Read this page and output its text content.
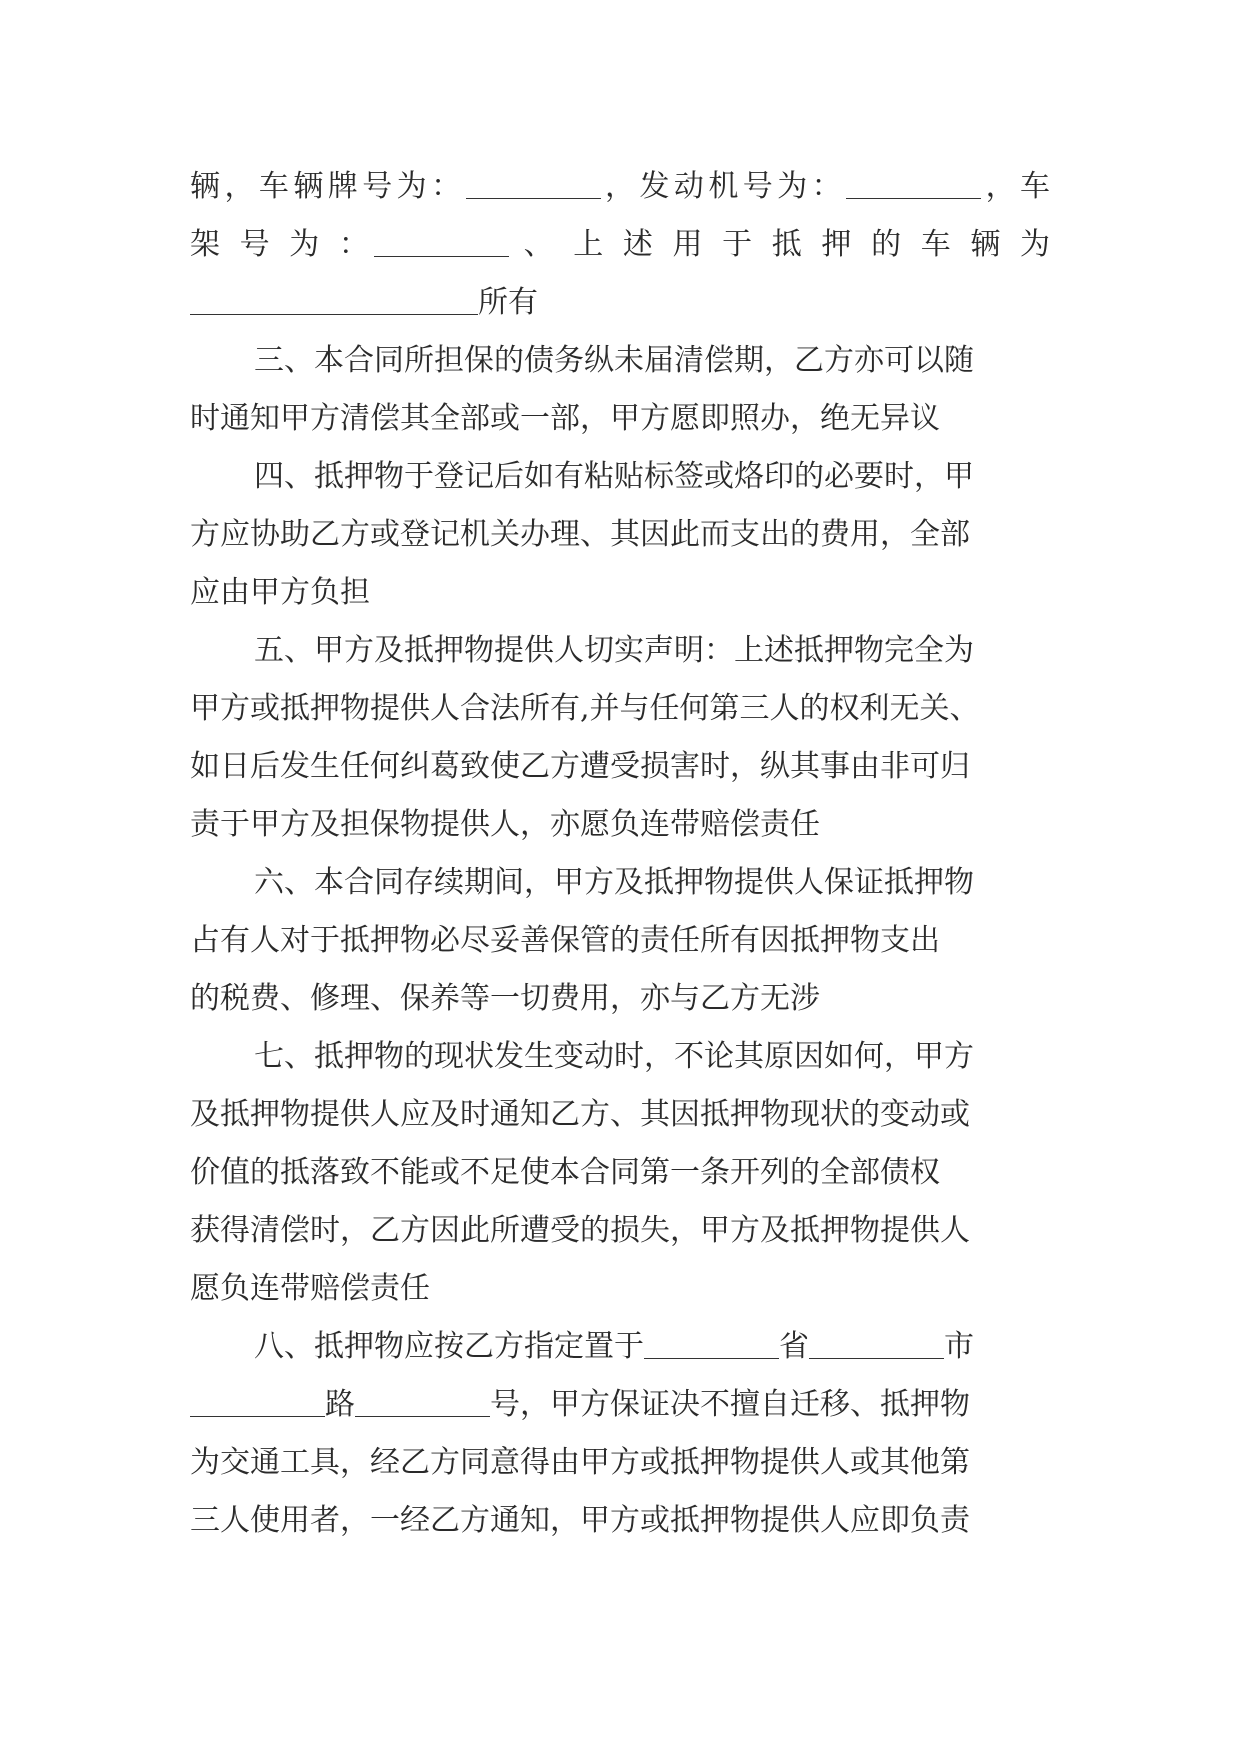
辆，车辆牌号为：	，发动机号为：	，车
架 号 为 ：	、 上 述 用 于 抵 押 的 车 辆 为
所有
三、本合同所担保的债务纵未届清偿期，乙方亦可以随
时通知甲方清偿其全部或一部，甲方愿即照办，绝无异议
四、抵押物于登记后如有粘贴标签或烙印的必要时，甲
方应协助乙方或登记机关办理、其因此而支出的费用，全部
应由甲方负担
五、甲方及抵押物提供人切实声明：上述抵押物完全为
甲方或抵押物提供人合法所有,并与任何第三人的权利无关、
如日后发生任何纠葛致使乙方遭受损害时，纵其事由非可归
责于甲方及担保物提供人，亦愿负连带赔偿责任
六、本合同存续期间，甲方及抵押物提供人保证抵押物
占有人对于抵押物必尽妥善保管的责任所有因抵押物支出
的税费、修理、保养等一切费用，亦与乙方无涉
七、抵押物的现状发生变动时，不论其原因如何，甲方
及抵押物提供人应及时通知乙方、其因抵押物现状的变动或
价值的抵落致不能或不足使本合同第一条开列的全部债权
获得清偿时，乙方因此所遭受的损失，甲方及抵押物提供人
愿负连带赔偿责任
八、抵押物应按乙方指定置于	省	市
路	号，甲方保证决不擅自迁移、抵押物
为交通工具，经乙方同意得由甲方或抵押物提供人或其他第
三人使用者，一经乙方通知，甲方或抵押物提供人应即负责
